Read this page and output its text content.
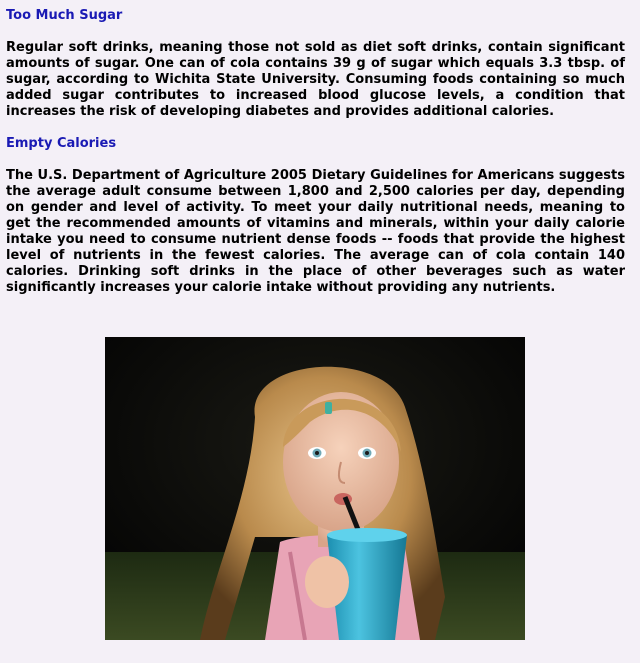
Too Much Sugar

Regular soft drinks, meaning those not sold as diet soft drinks, contain significant amounts of sugar. One can of cola contains 39 g of sugar which equals 3.3 tbsp. of sugar, according to Wichita State University. Consuming foods containing so much added sugar contributes to increased blood glucose levels, a condition that increases the risk of developing diabetes and provides additional calories.

Empty Calories

The U.S. Department of Agriculture 2005 Dietary Guidelines for Americans suggests the average adult consume between 1,800 and 2,500 calories per day, depending on gender and level of activity. To meet your daily nutritional needs, meaning to get the recommended amounts of vitamins and minerals, within your daily calorie intake you need to consume nutrient dense foods -- foods that provide the highest level of nutrients in the fewest calories. The average can of cola contain 140 calories. Drinking soft drinks in the place of other beverages such as water significantly increases your calorie intake without providing any nutrients.
